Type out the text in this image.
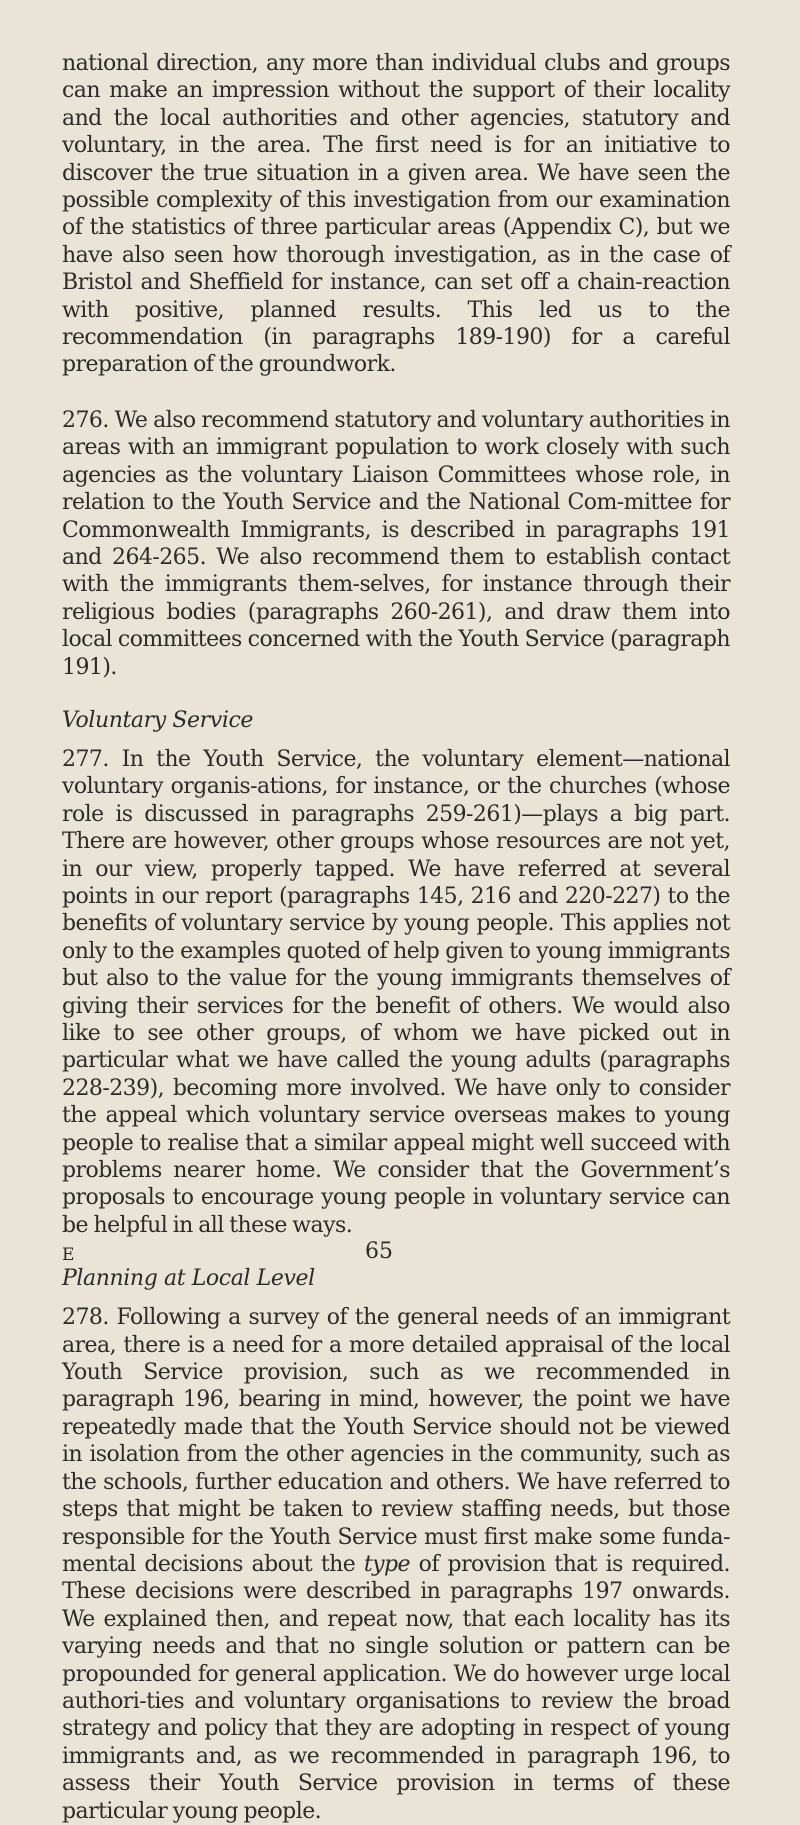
national direction, any more than individual clubs and groups can make an impression without the support of their locality and the local authorities and other agencies, statutory and voluntary, in the area. The first need is for an initiative to discover the true situation in a given area. We have seen the possible complexity of this investigation from our examination of the statistics of three particular areas (Appendix C), but we have also seen how thorough investigation, as in the case of Bristol and Sheffield for instance, can set off a chain-reaction with positive, planned results. This led us to the recommendation (in paragraphs 189-190) for a careful preparation of the groundwork.

276. We also recommend statutory and voluntary authorities in areas with an immigrant population to work closely with such agencies as the voluntary Liaison Committees whose role, in relation to the Youth Service and the National Com-mittee for Commonwealth Immigrants, is described in paragraphs 191 and 264-265. We also recommend them to establish contact with the immigrants them-selves, for instance through their religious bodies (paragraphs 260-261), and draw them into local committees concerned with the Youth Service (paragraph 191).

Voluntary Service

277. In the Youth Service, the voluntary element—national voluntary organis-ations, for instance, or the churches (whose role is discussed in paragraphs 259-261)—plays a big part. There are however, other groups whose resources are not yet, in our view, properly tapped. We have referred at several points in our report (paragraphs 145, 216 and 220-227) to the benefits of voluntary service by young people. This applies not only to the examples quoted of help given to young immigrants but also to the value for the young immigrants themselves of giving their services for the benefit of others. We would also like to see other groups, of whom we have picked out in particular what we have called the young adults (paragraphs 228-239), becoming more involved. We have only to consider the appeal which voluntary service overseas makes to young people to realise that a similar appeal might well succeed with problems nearer home. We consider that the Government’s proposals to encourage young people in voluntary service can be helpful in all these ways.

Planning at Local Level

278. Following a survey of the general needs of an immigrant area, there is a need for a more detailed appraisal of the local Youth Service provision, such as we recommended in paragraph 196, bearing in mind, however, the point we have repeatedly made that the Youth Service should not be viewed in isolation from the other agencies in the community, such as the schools, further education and others. We have referred to steps that might be taken to review staffing needs, but those responsible for the Youth Service must first make some funda-mental decisions about the type of provision that is required. These decisions were described in paragraphs 197 onwards. We explained then, and repeat now, that each locality has its varying needs and that no single solution or pattern can be propounded for general application. We do however urge local authori-ties and voluntary organisations to review the broad strategy and policy that they are adopting in respect of young immigrants and, as we recommended in paragraph 196, to assess their Youth Service provision in terms of these particular young people.

E	65
